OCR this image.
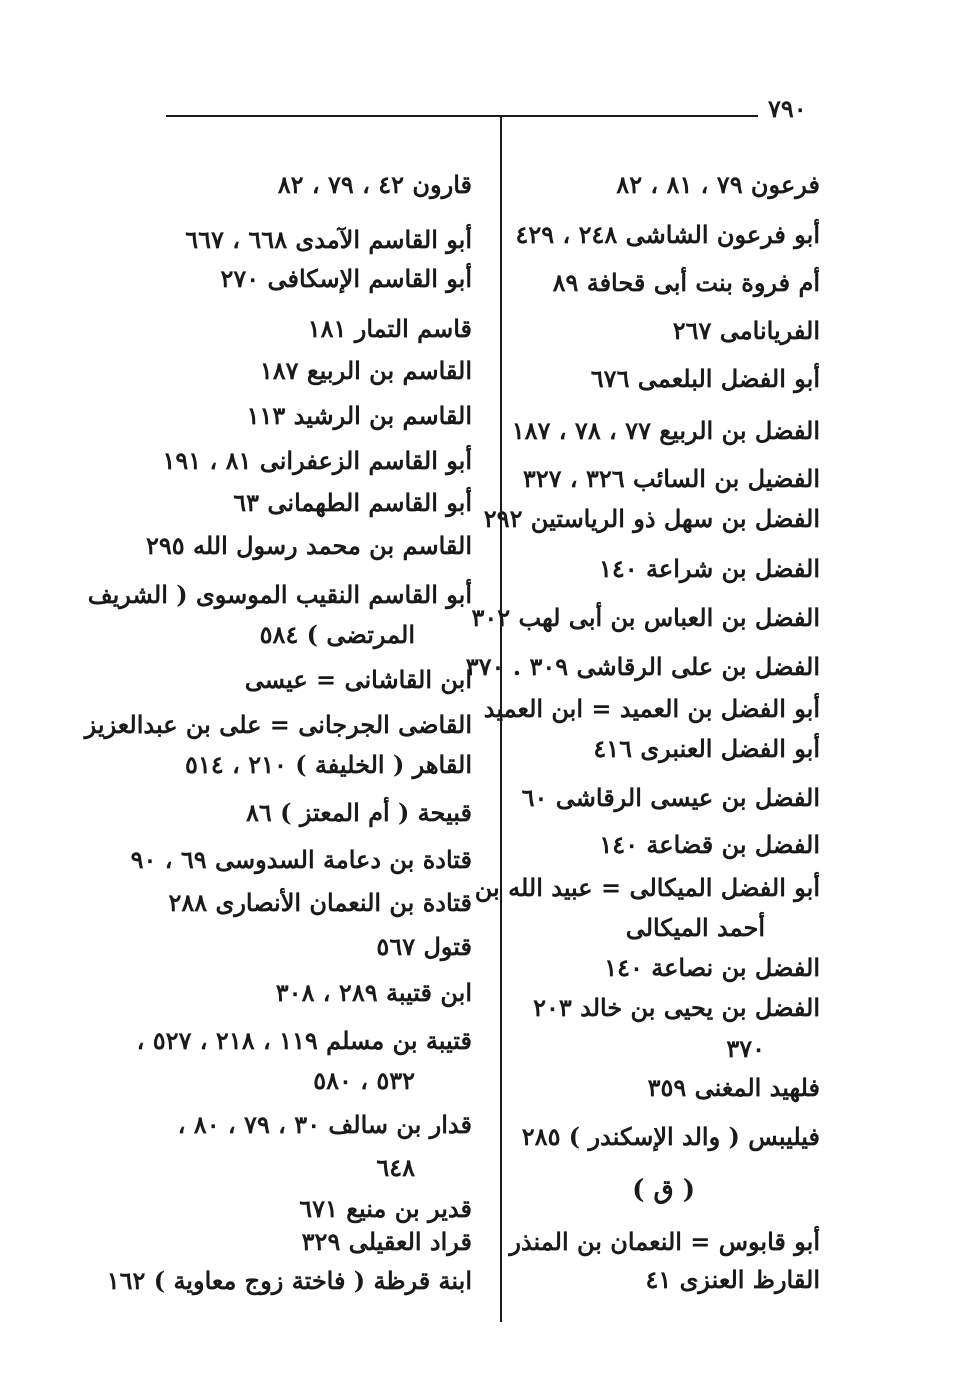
٧٩٠
فرعون ٧٩ ، ٨١ ، ٨٢
أبو فرعون الشاشى ٢٤٨ ، ٤٢٩
أم فروة بنت أبى قحافة ٨٩
الفريانامى ٢٦٧
أبو الفضل البلعمى ٦٧٦
الفضل بن الربيع ٧٧ ، ٧٨ ، ١٨٧
الفضيل بن السائب ٣٢٦ ، ٣٢٧
الفضل بن سهل ذو الرياستين ٢٩٢
الفضل بن شراعة ١٤٠
الفضل بن العباس بن أبى لهب ٣٠٢
الفضل بن على الرقاشى ٣٠٩ . ٣٧٠
أبو الفضل بن العميد = ابن العميد
أبو الفضل العنبرى ٤١٦
الفضل بن عيسى الرقاشى ٦٠
الفضل بن قضاعة ١٤٠
أبو الفضل الميكالى = عبيد الله بن
أحمد الميكالى
الفضل بن نصاعة ١٤٠
الفضل بن يحيى بن خالد ٢٠٣
٣٧٠
فلهيد المغنى ٣٥٩
فيليبس ( والد الإسكندر ) ٢٨٥
( ق )
أبو قابوس = النعمان بن المنذر
القارظ العنزى ٤١
قارون ٤٢ ، ٧٩ ، ٨٢
أبو القاسم الآمدى ٦٦٨ ، ٦٦٧
أبو القاسم الإسكافى ٢٧٠
قاسم التمار ١٨١
القاسم بن الربيع ١٨٧
القاسم بن الرشيد ١١٣
أبو القاسم الزعفرانى ٨١ ، ١٩١
أبو القاسم الطهمانى ٦٣
القاسم بن محمد رسول الله ٢٩٥
أبو القاسم النقيب الموسوى ( الشريف
المرتضى ) ٥٨٤
ابن القاشانى = عيسى
القاضى الجرجانى = على بن عبدالعزيز
القاهر ( الخليفة ) ٢١٠ ، ٥١٤
قبيحة ( أم المعتز ) ٨٦
قتادة بن دعامة السدوسى ٦٩ ، ٩٠
قتادة بن النعمان الأنصارى ٢٨٨
قتول ٥٦٧
ابن قتيبة ٢٨٩ ، ٣٠٨
قتيبة بن مسلم ١١٩ ، ٢١٨ ، ٥٢٧ ،
٥٣٢ ، ٥٨٠
قدار بن سالف ٣٠ ، ٧٩ ، ٨٠ ،
٦٤٨
قدير بن منيع ٦٧١
قراد العقيلى ٣٢٩
ابنة قرظة ( فاختة زوج معاوية ) ١٦٢
